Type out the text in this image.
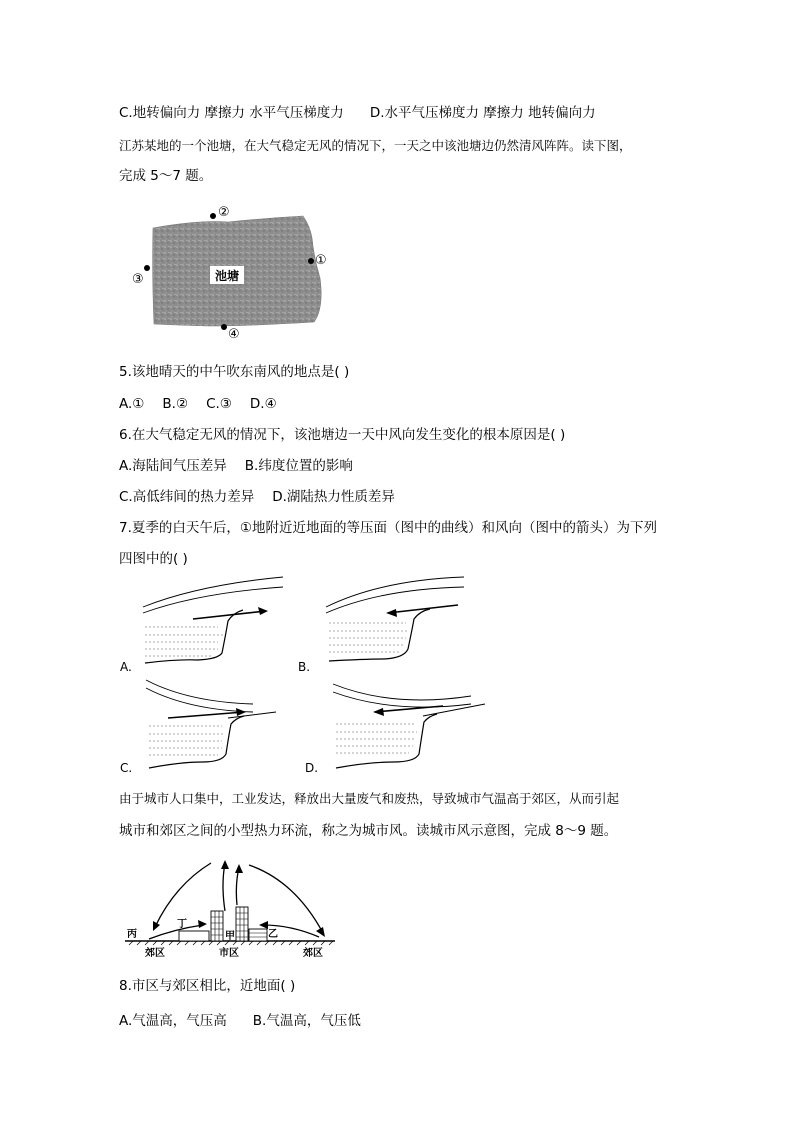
C.地转偏向力 摩擦力 水平气压梯度力 D.水平气压梯度力 摩擦力 地转偏向力
江苏某地的一个池塘，在大气稳定无风的情况下，一天之中该池塘边仍然清风阵阵。读下图，
完成 5～7 题。
池塘
②
①
③
④
5.该地晴天的中午吹东南风的地点是( )
A.① B.② C.③ D.④
6.在大气稳定无风的情况下，该池塘边一天中风向发生变化的根本原因是( )
A.海陆间气压差异 B.纬度位置的影响
C.高低纬间的热力差异 D.湖陆热力性质差异
7.夏季的白天午后，①地附近近地面的等压面（图中的曲线）和风向（图中的箭头）为下列
四图中的( )
A.	B.
C.	D.
由于城市人口集中，工业发达，释放出大量废气和废热，导致城市气温高于郊区，从而引起
城市和郊区之间的小型热力环流，称之为城市风。读城市风示意图，完成 8～9 题。
丙
丁
甲	乙
郊区	市区	郊区
8.市区与郊区相比，近地面( )
A.气温高，气压高 B.气温高，气压低
